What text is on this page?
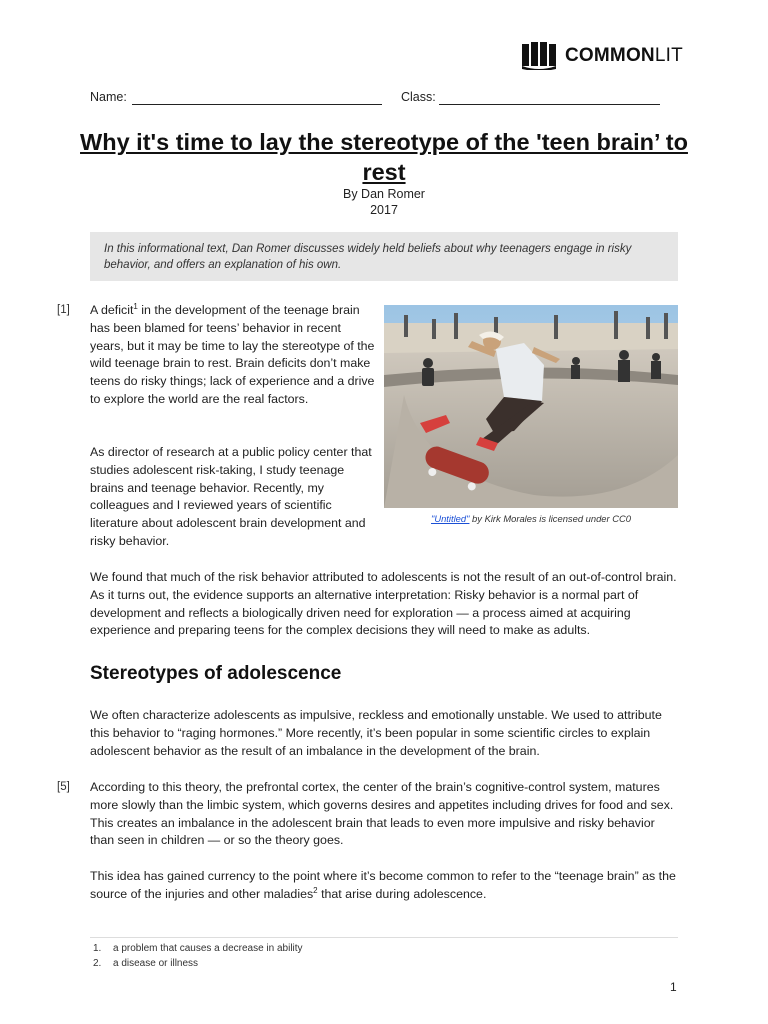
COMMONLIT
Name:	Class:
Why it's time to lay the stereotype of the 'teen brain’ to rest
By Dan Romer
2017
In this informational text, Dan Romer discusses widely held beliefs about why teenagers engage in risky behavior, and offers an explanation of his own.
[1] A deficit$^1$ in the development of the teenage brain has been blamed for teens’ behavior in recent years, but it may be time to lay the stereotype of the wild teenage brain to rest. Brain deficits don’t make teens do risky things; lack of experience and a drive to explore the world are the real factors.
As director of research at a public policy center that studies adolescent risk-taking, I study teenage brains and teenage behavior. Recently, my colleagues and I reviewed years of scientific literature about adolescent brain development and risky behavior.
"Untitled" by Kirk Morales is licensed under CC0
We found that much of the risk behavior attributed to adolescents is not the result of an out-of-control brain. As it turns out, the evidence supports an alternative interpretation: Risky behavior is a normal part of development and reflects a biologically driven need for exploration — a process aimed at acquiring experience and preparing teens for the complex decisions they will need to make as adults.
Stereotypes of adolescence
We often characterize adolescents as impulsive, reckless and emotionally unstable. We used to attribute this behavior to “raging hormones.” More recently, it’s been popular in some scientific circles to explain adolescent behavior as the result of an imbalance in the development of the brain.
[5] According to this theory, the prefrontal cortex, the center of the brain’s cognitive-control system, matures more slowly than the limbic system, which governs desires and appetites including drives for food and sex. This creates an imbalance in the adolescent brain that leads to even more impulsive and risky behavior than seen in children — or so the theory goes.
This idea has gained currency to the point where it’s become common to refer to the “teenage brain” as the source of the injuries and other maladies$^2$ that arise during adolescence.
1. a problem that causes a decrease in ability
2. a disease or illness
1
